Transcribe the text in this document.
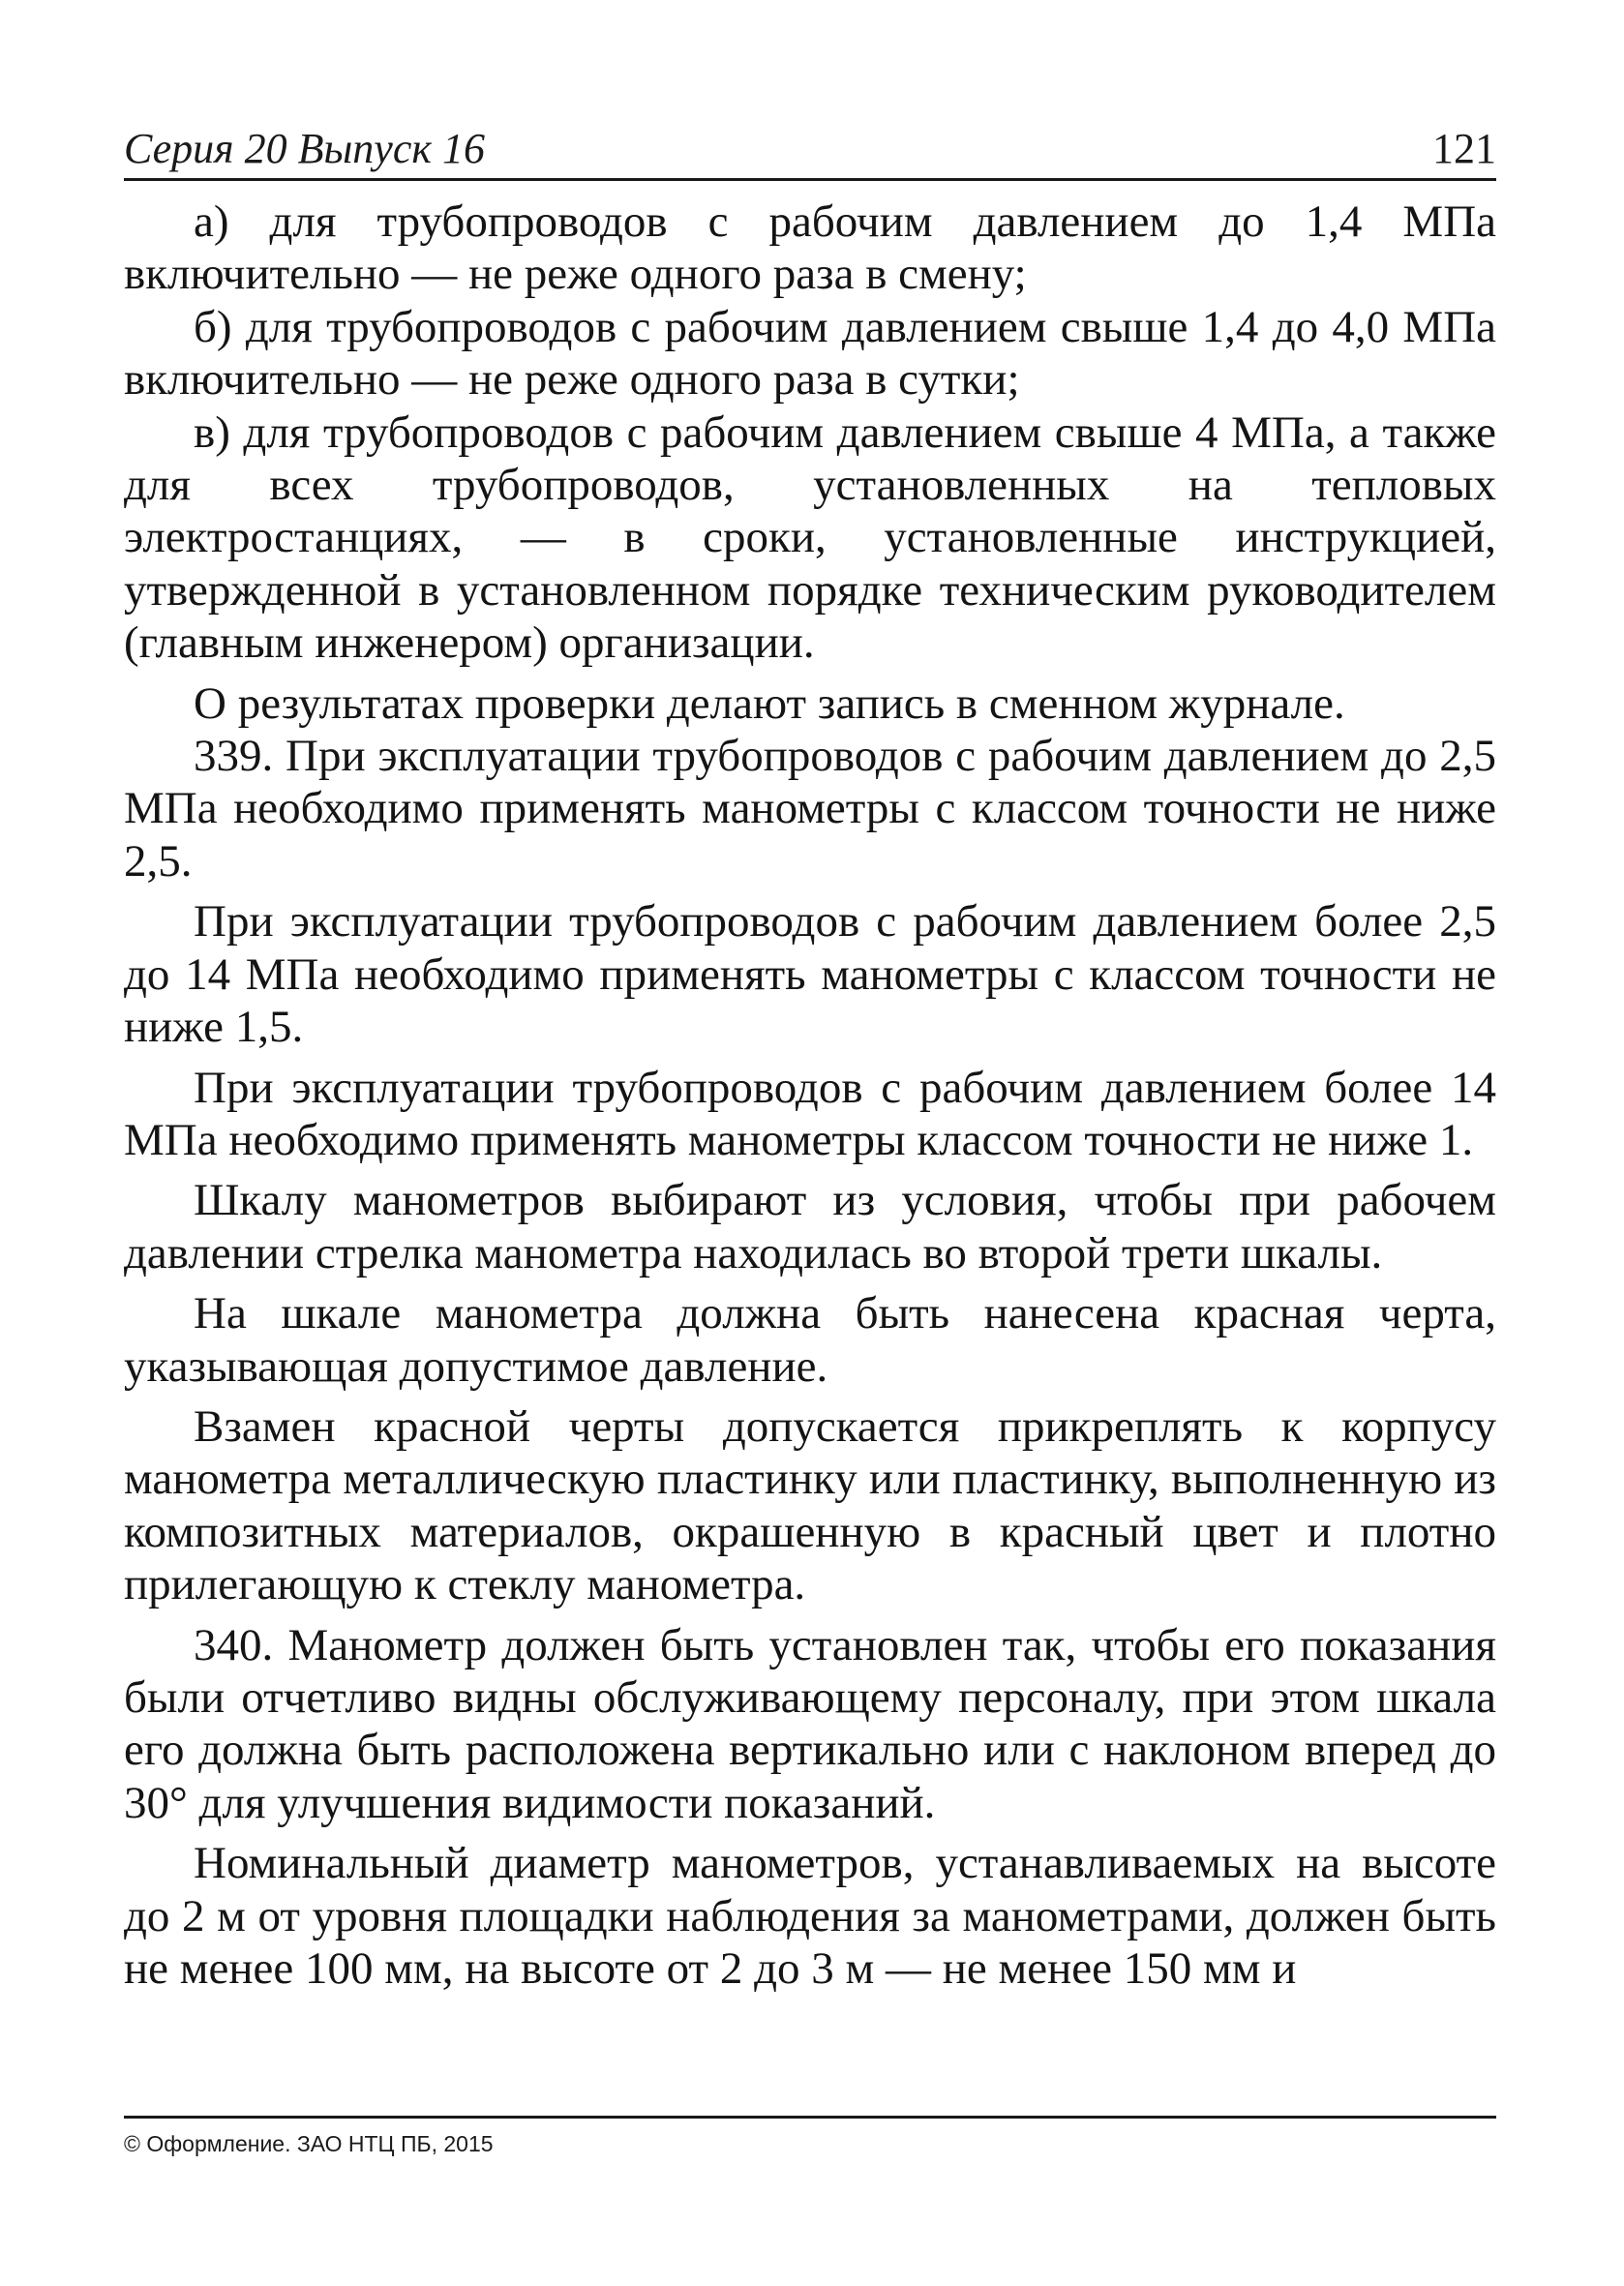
Серия 20 Выпуск 16	121

а) для трубопроводов с рабочим давлением до 1,4 МПа включительно — не реже одного раза в смену;

б) для трубопроводов с рабочим давлением свыше 1,4 до 4,0 МПа включительно — не реже одного раза в сутки;

в) для трубопроводов с рабочим давлением свыше 4 МПа, а также для всех трубопроводов, установленных на тепловых электростанциях, — в сроки, установленные инструкцией, утвержденной в установленном порядке техническим руководителем (главным инженером) организации.

О результатах проверки делают запись в сменном журнале.

339. При эксплуатации трубопроводов с рабочим давлением до 2,5 МПа необходимо применять манометры с классом точности не ниже 2,5.

При эксплуатации трубопроводов с рабочим давлением более 2,5 до 14 МПа необходимо применять манометры с классом точности не ниже 1,5.

При эксплуатации трубопроводов с рабочим давлением более 14 МПа необходимо применять манометры классом точности не ниже 1.

Шкалу манометров выбирают из условия, чтобы при рабочем давлении стрелка манометра находилась во второй трети шкалы.

На шкале манометра должна быть нанесена красная черта, указывающая допустимое давление.

Взамен красной черты допускается прикреплять к корпусу манометра металлическую пластинку или пластинку, выполненную из композитных материалов, окрашенную в красный цвет и плотно прилегающую к стеклу манометра.

340. Манометр должен быть установлен так, чтобы его показания были отчетливо видны обслуживающему персоналу, при этом шкала его должна быть расположена вертикально или с наклоном вперед до 30° для улучшения видимости показаний.

Номинальный диаметр манометров, устанавливаемых на высоте до 2 м от уровня площадки наблюдения за манометрами, должен быть не менее 100 мм, на высоте от 2 до 3 м — не менее 150 мм и

© Оформление. ЗАО НТЦ ПБ, 2015
